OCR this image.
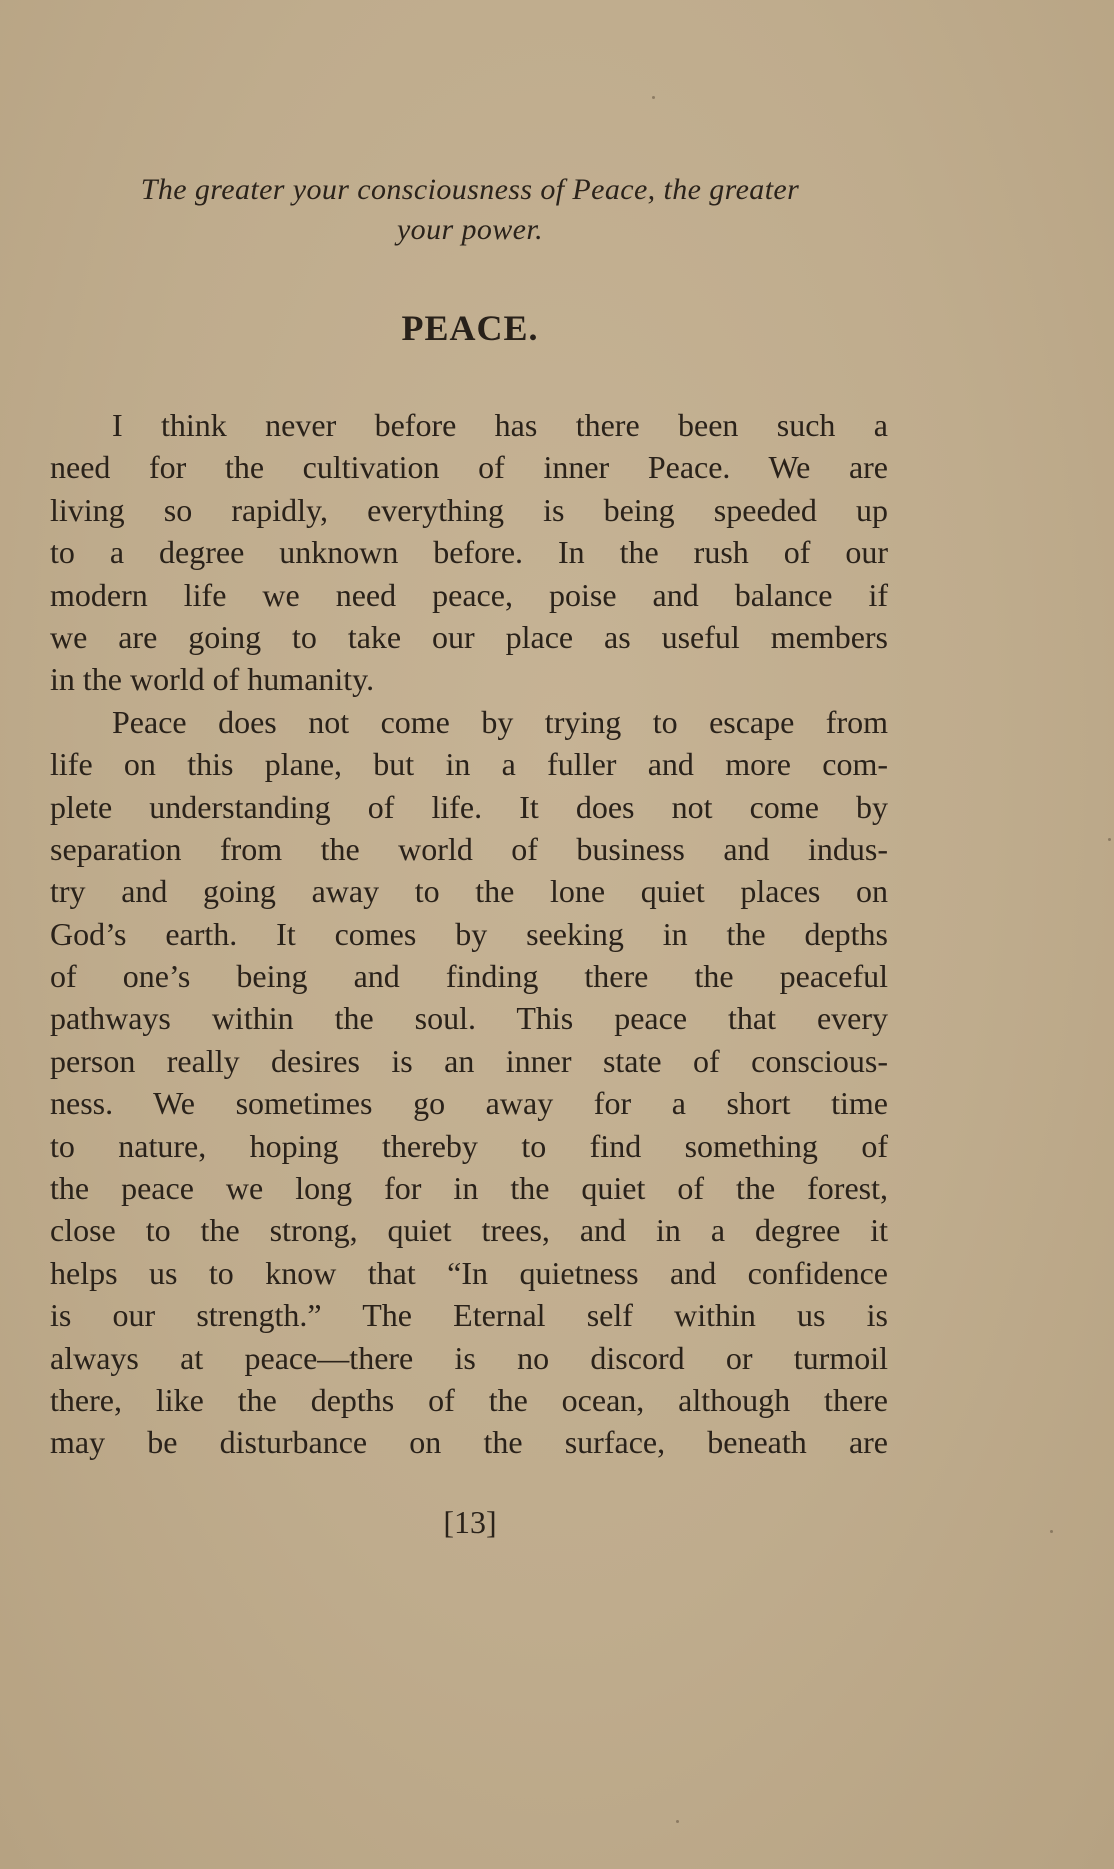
The greater your consciousness of Peace, the greater
your power.
PEACE.
I think never before has there been such a
need for the cultivation of inner Peace. We are
living so rapidly, everything is being speeded up
to a degree unknown before. In the rush of our
modern life we need peace, poise and balance if
we are going to take our place as useful members
in the world of humanity.
Peace does not come by trying to escape from
life on this plane, but in a fuller and more com-
plete understanding of life. It does not come by
separation from the world of business and indus-
try and going away to the lone quiet places on
God’s earth. It comes by seeking in the depths
of one’s being and finding there the peaceful
pathways within the soul. This peace that every
person really desires is an inner state of conscious-
ness. We sometimes go away for a short time
to nature, hoping thereby to find something of
the peace we long for in the quiet of the forest,
close to the strong, quiet trees, and in a degree it
helps us to know that “In quietness and confidence
is our strength.” The Eternal self within us is
always at peace—there is no discord or turmoil
there, like the depths of the ocean, although there
may be disturbance on the surface, beneath are
[13]
